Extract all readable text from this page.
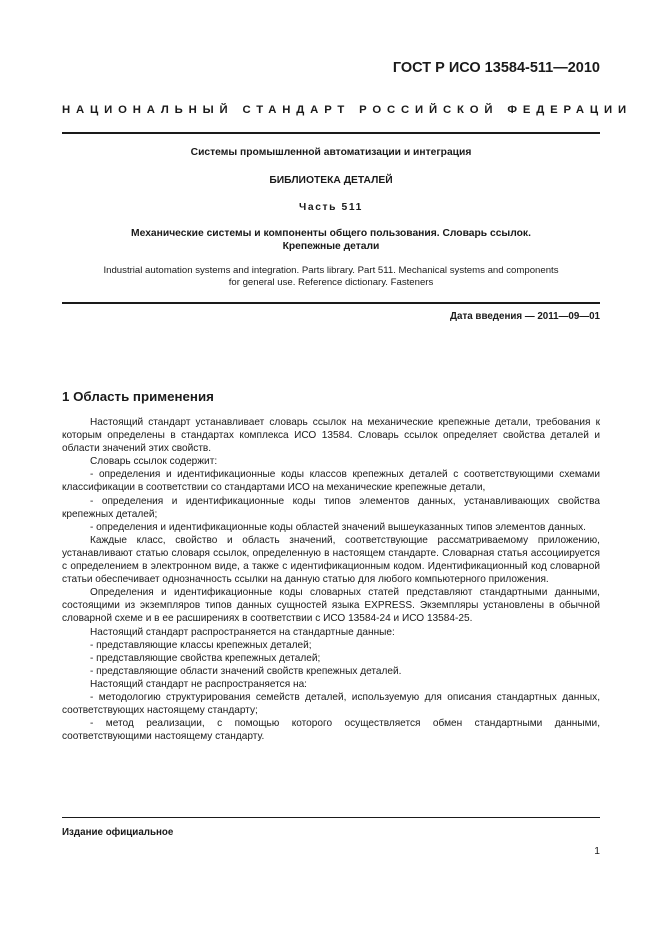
ГОСТ Р ИСО 13584-511—2010
НАЦИОНАЛЬНЫЙ СТАНДАРТ РОССИЙСКОЙ ФЕДЕРАЦИИ
Системы промышленной автоматизации и интеграция
БИБЛИОТЕКА ДЕТАЛЕЙ
Часть 511
Механические системы и компоненты общего пользования. Словарь ссылок.
Крепежные детали
Industrial automation systems and integration. Parts library. Part 511. Mechanical systems and components
for general use. Reference dictionary. Fasteners
Дата введения — 2011—09—01
1 Область применения

Настоящий стандарт устанавливает словарь ссылок на механические крепежные детали, требования к которым определены в стандартах комплекса ИСО 13584. Словарь ссылок определяет свойства деталей и области значений этих свойств.

Словарь ссылок содержит:

- определения и идентификационные коды классов крепежных деталей с соответствующими схемами классификации в соответствии со стандартами ИСО на механические крепежные детали,

- определения и идентификационные коды типов элементов данных, устанавливающих свойства крепежных деталей;

- определения и идентификационные коды областей значений вышеуказанных типов элементов данных.

Каждые класс, свойство и область значений, соответствующие рассматриваемому приложению, устанавливают статью словаря ссылок, определенную в настоящем стандарте. Словарная статья ассоциируется с определением в электронном виде, а также с идентификационным кодом. Идентификационный код словарной статьи обеспечивает однозначность ссылки на данную статью для любого компьютерного приложения.

Определения и идентификационные коды словарных статей представляют стандартными данными, состоящими из экземпляров типов данных сущностей языка EXPRESS. Экземпляры установлены в обычной словарной схеме и в ее расширениях в соответствии с ИСО 13584-24 и ИСО 13584-25.

Настоящий стандарт распространяется на стандартные данные:

- представляющие классы крепежных деталей;

- представляющие свойства крепежных деталей;

- представляющие области значений свойств крепежных деталей.

Настоящий стандарт не распространяется на:

- методологию структурирования семейств деталей, используемую для описания стандартных данных, соответствующих настоящему стандарту;

- метод реализации, с помощью которого осуществляется обмен стандартными данными, соответствующими настоящему стандарту.

Издание официальное
1
